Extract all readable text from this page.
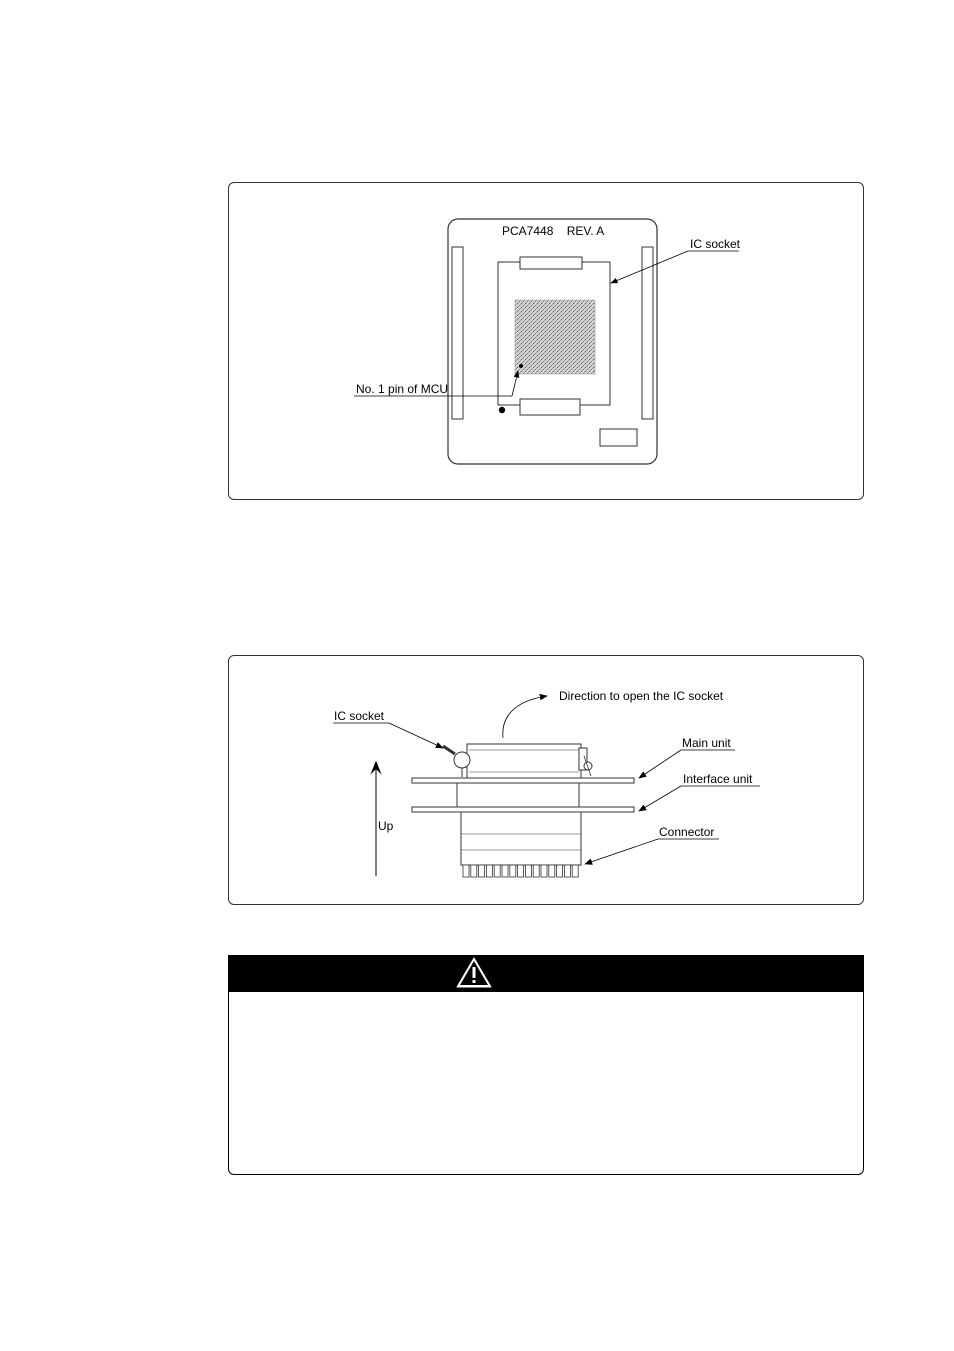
PCA7448    REV. A
IC socket
No. 1 pin of MCU
Direction to open the IC socket
IC socket
Up
Main unit
Interface unit
Connector
